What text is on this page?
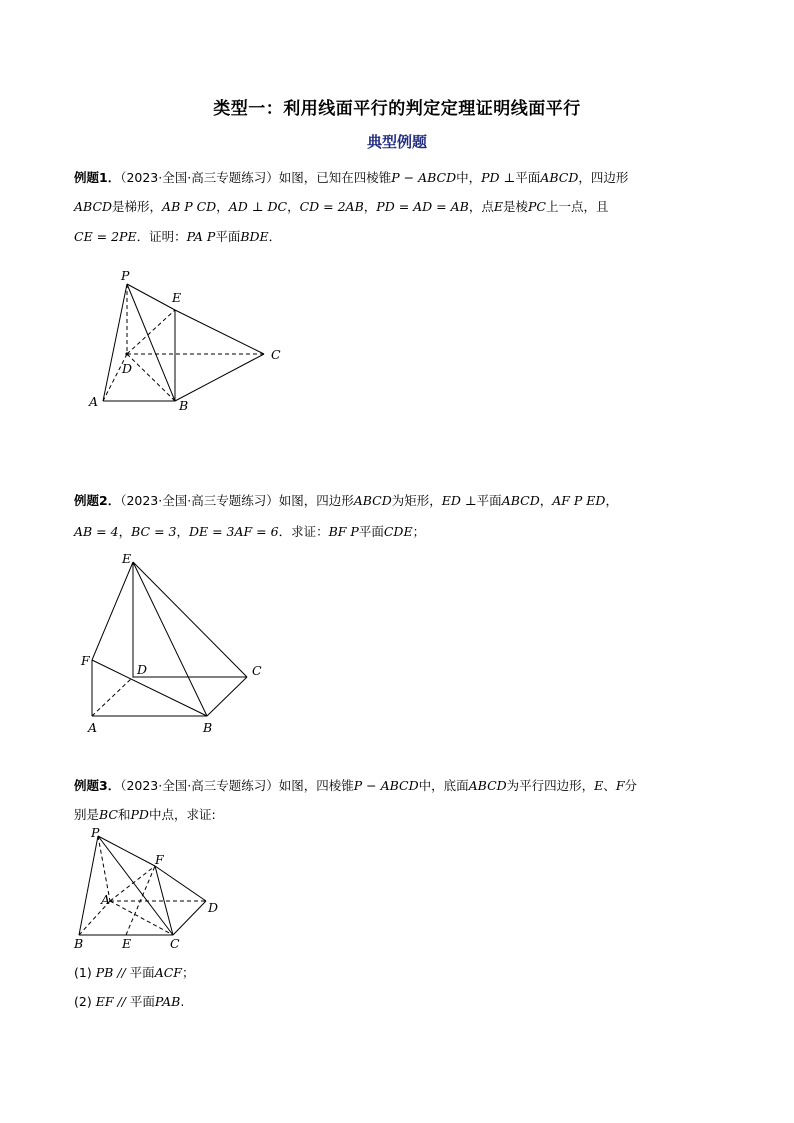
类型一：利用线面平行的判定定理证明线面平行
典型例题
例题1．（2023·全国·高三专题练习）如图，已知在四棱锥P − ABCD中，PD ⊥平面ABCD，四边形
ABCD是梯形，AB P CD，AD ⊥ DC，CD = 2AB，PD = AD = AB，点E是棱PC上一点，且
CE = 2PE．证明：PA P平面BDE．
P
E
C
D
A	B
例题2．（2023·全国·高三专题练习）如图，四边形ABCD为矩形，ED ⊥平面ABCD，AF P ED，
AB = 4，BC = 3，DE = 3AF = 6．求证：BF P平面CDE；
E
F
D	C
A	B
例题3．（2023·全国·高三专题练习）如图，四棱锥P − ABCD中，底面ABCD为平行四边形，E、F分
别是BC和PD中点，求证:
P
F
A
D
B	E	C
(1) PB // 平面ACF；
(2) EF // 平面PAB.
